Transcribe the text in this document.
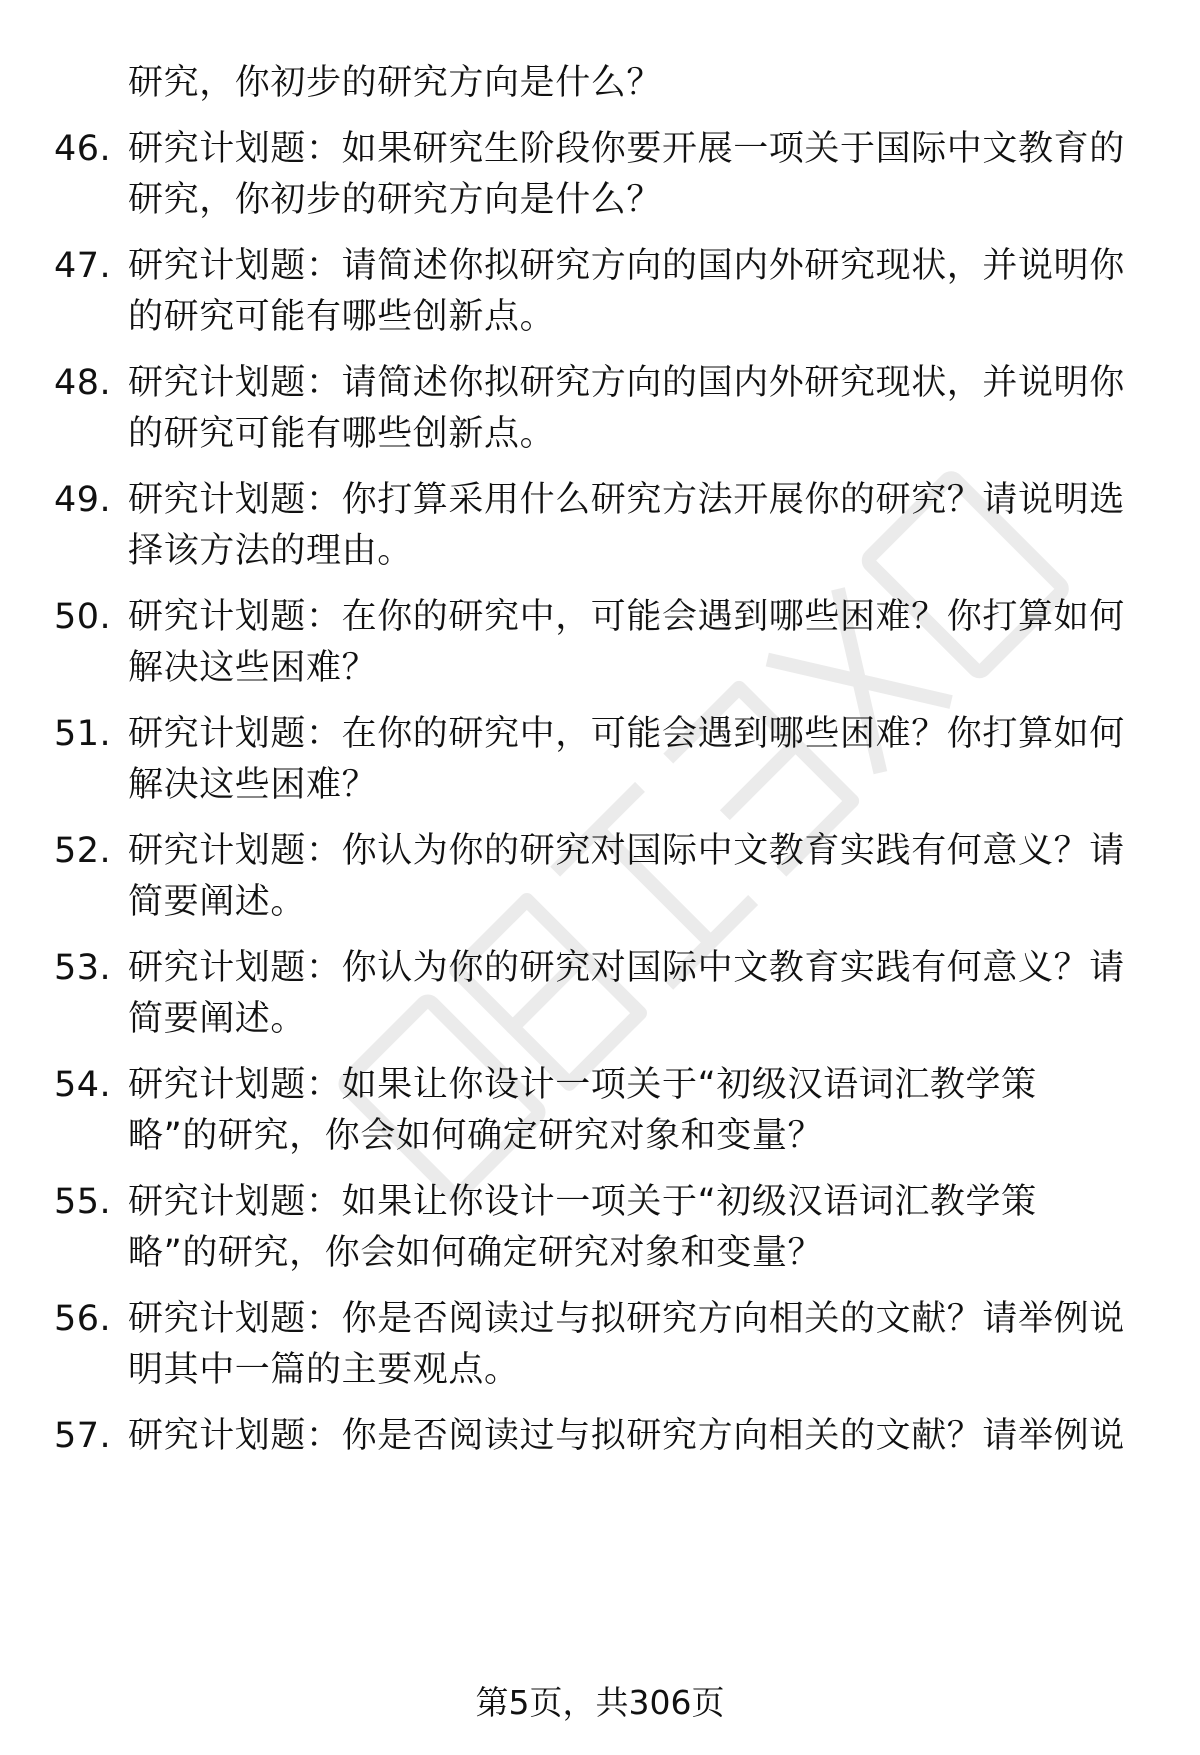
研究，你初步的研究方向是什么？
46. 研究计划题：如果研究生阶段你要开展一项关于国际中文教育的
研究，你初步的研究方向是什么？
47. 研究计划题：请简述你拟研究方向的国内外研究现状，并说明你
的研究可能有哪些创新点。
48. 研究计划题：请简述你拟研究方向的国内外研究现状，并说明你
的研究可能有哪些创新点。
49. 研究计划题：你打算采用什么研究方法开展你的研究？请说明选
择该方法的理由。
50. 研究计划题：在你的研究中，可能会遇到哪些困难？你打算如何
解决这些困难？
51. 研究计划题：在你的研究中，可能会遇到哪些困难？你打算如何
解决这些困难？
52. 研究计划题：你认为你的研究对国际中文教育实践有何意义？请
简要阐述。
53. 研究计划题：你认为你的研究对国际中文教育实践有何意义？请
简要阐述。
54. 研究计划题：如果让你设计一项关于“初级汉语词汇教学策
略”的研究，你会如何确定研究对象和变量？
55. 研究计划题：如果让你设计一项关于“初级汉语词汇教学策
略”的研究，你会如何确定研究对象和变量？
56. 研究计划题：你是否阅读过与拟研究方向相关的文献？请举例说
明其中一篇的主要观点。
57. 研究计划题：你是否阅读过与拟研究方向相关的文献？请举例说
第5页，共306页
